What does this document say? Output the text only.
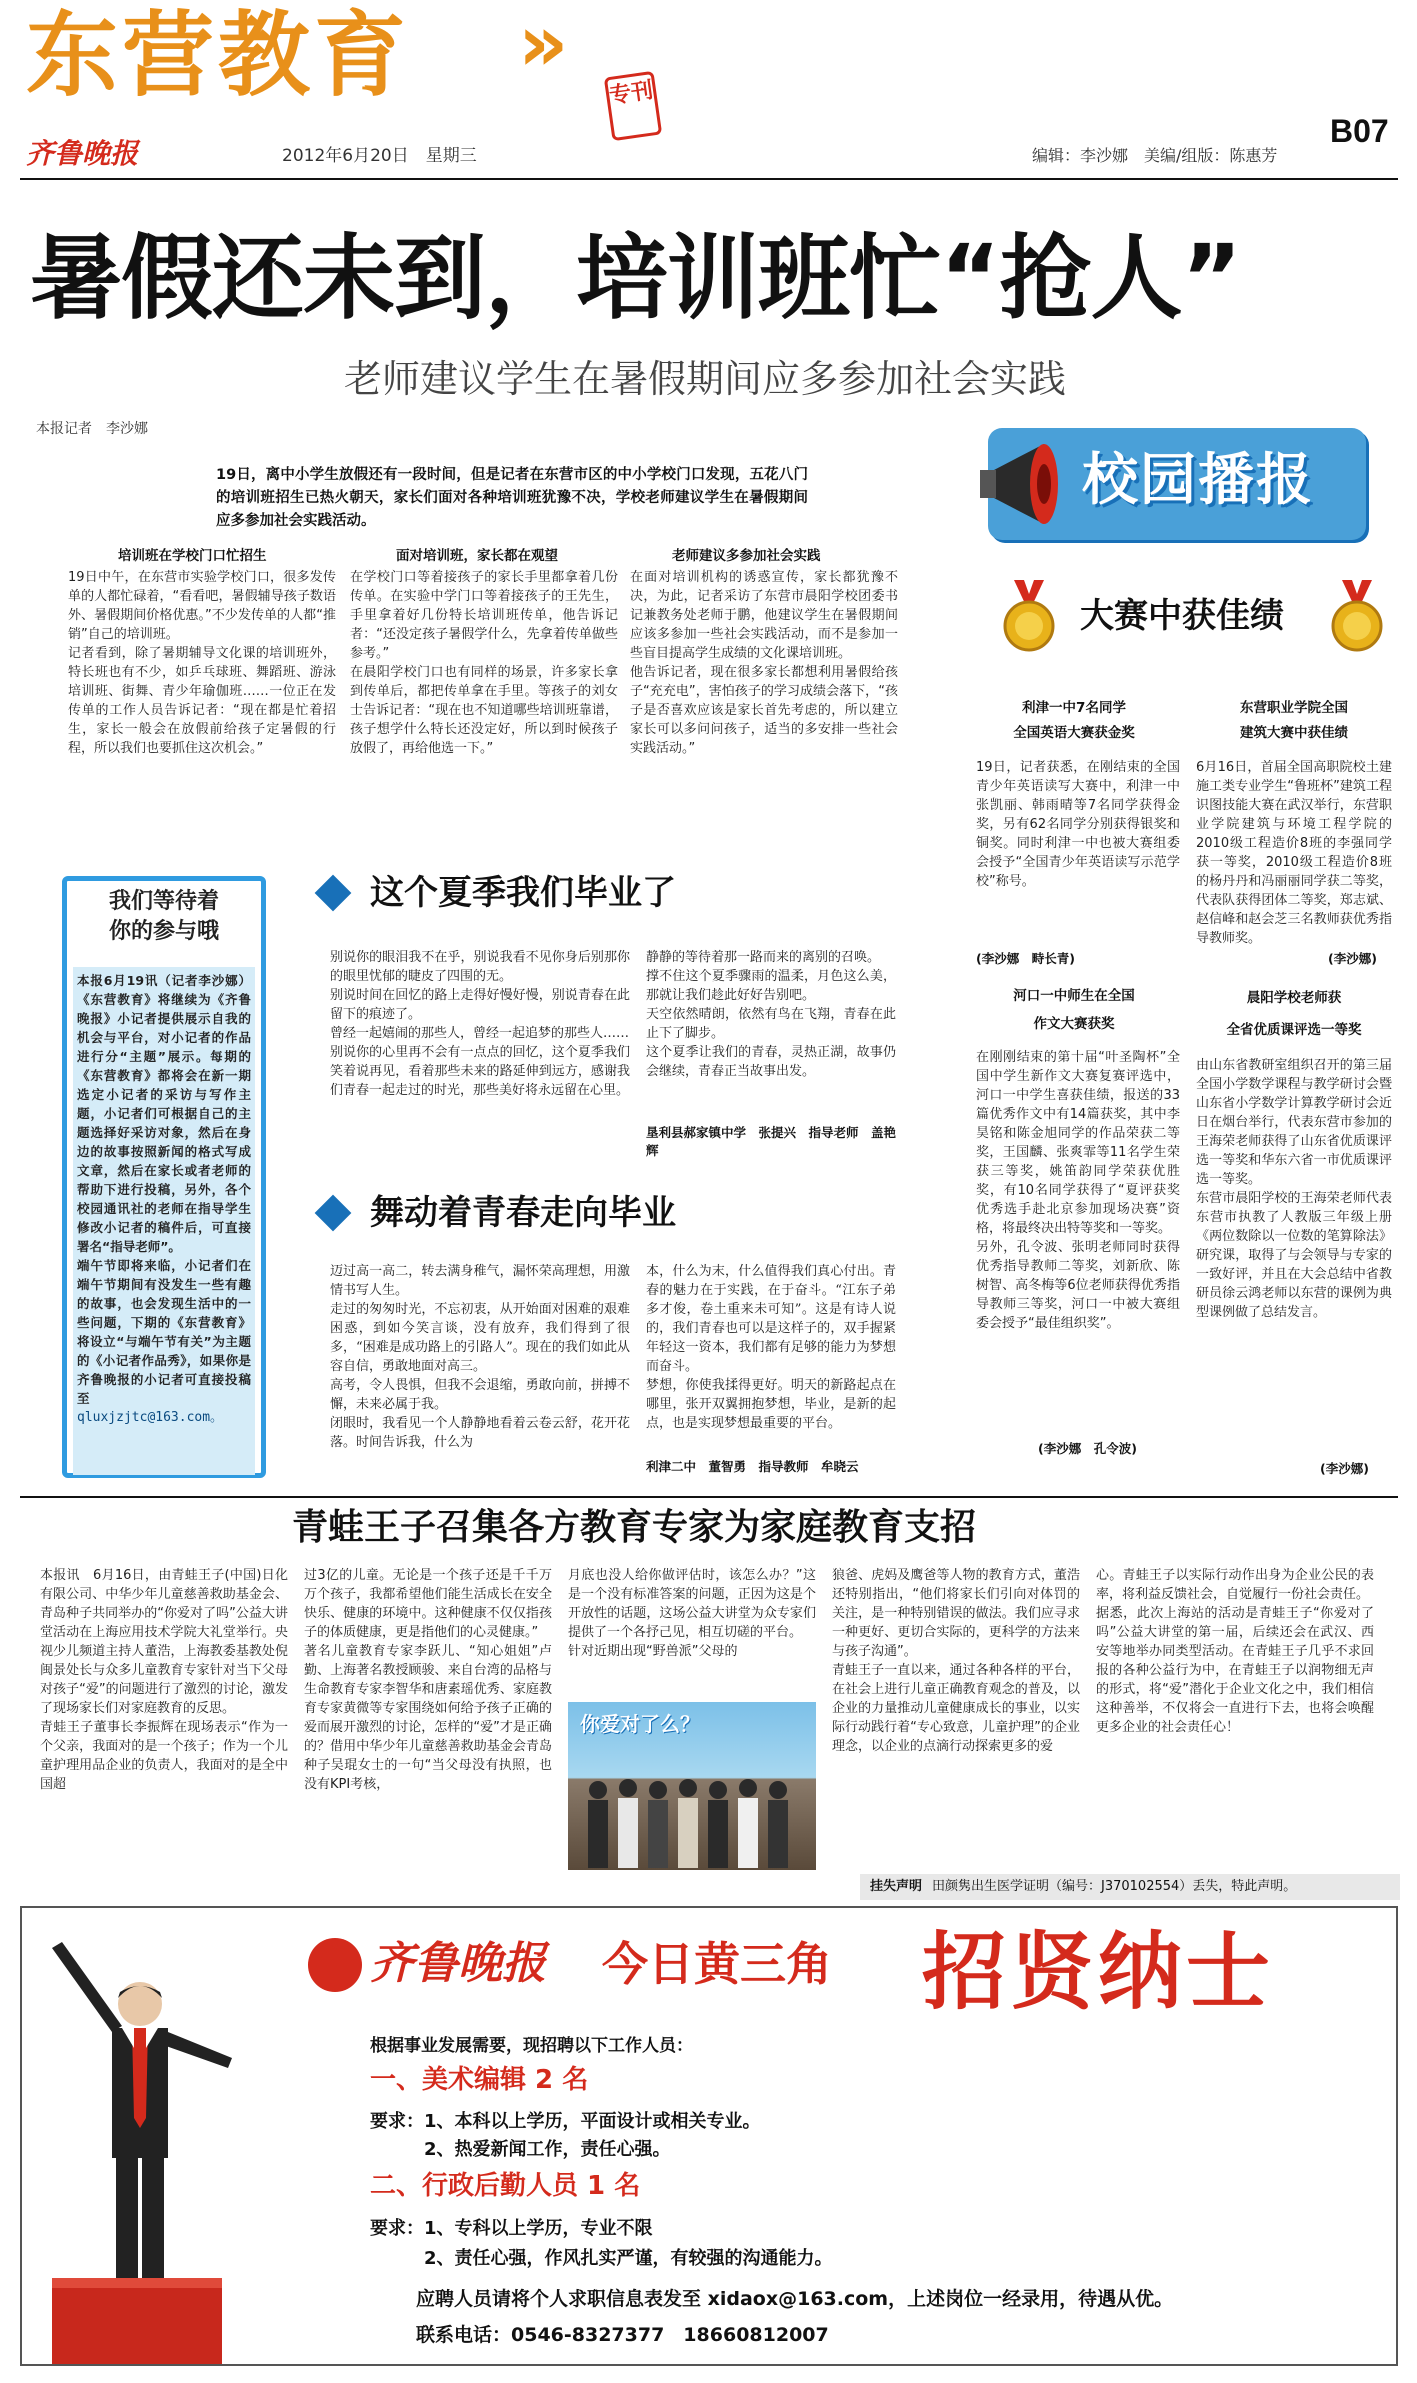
东营教育 »
专刊
齐鲁晚报	2012年6月20日　 星期三	编辑：李沙娜　美编/组版：陈惠芳
B07
暑假还未到，培训班忙“抢人”
老师建议学生在暑假期间应多参加社会实践
本报记者　李沙娜
19日，离中小学生放假还有一段时间，但是记者在东营市区的中小学校门口发现，五花八门的培训班招生已热火朝天，家长们面对各种培训班犹豫不决，学校老师建议学生在暑假期间应多参加社会实践活动。
培训班在学校门口忙招生
19日中午，在东营市实验学校门口，很多发传单的人都忙碌着，“看看吧，暑假辅导孩子数语外、暑假期间价格优惠。”不少发传单的人都“推销”自己的培训班。
记者看到，除了暑期辅导文化课的培训班外，特长班也有不少，如乒乓球班、舞蹈班、游泳培训班、街舞、青少年瑜伽班……一位正在发传单的工作人员告诉记者：“现在都是忙着招生，家长一般会在放假前给孩子定暑假的行程，所以我们也要抓住这次机会。”
面对培训班，家长都在观望
在学校门口等着接孩子的家长手里都拿着几份传单。在实验中学门口等着接孩子的王先生，手里拿着好几份特长培训班传单，他告诉记者：“还没定孩子暑假学什么，先拿着传单做些参考。”
在晨阳学校门口也有同样的场景，许多家长拿到传单后，都把传单拿在手里。等孩子的刘女士告诉记者：“现在也不知道哪些培训班靠谱，孩子想学什么特长还没定好，所以到时候孩子放假了，再给他选一下。”
老师建议多参加社会实践
在面对培训机构的诱惑宣传，家长都犹豫不决，为此，记者采访了东营市晨阳学校团委书记兼教务处老师于鹏，他建议学生在暑假期间应该多参加一些社会实践活动，而不是参加一些盲目提高学生成绩的文化课培训班。
他告诉记者，现在很多家长都想利用暑假给孩子“充充电”，害怕孩子的学习成绩会落下，“孩子是否喜欢应该是家长首先考虑的，所以建立家长可以多问问孩子，适当的多安排一些社会实践活动。”
校园播报
大赛中获佳绩
利津一中7名同学
全国英语大赛获金奖
19日，记者获悉，在刚结束的全国青少年英语读写大赛中，利津一中张凯丽、韩雨晴等7名同学获得金奖，另有62名同学分别获得银奖和铜奖。同时利津一中也被大赛组委会授予“全国青少年英语读写示范学校”称号。
(李沙娜　畤长青)
河口一中师生在全国
作文大赛获奖
在刚刚结束的第十届“叶圣陶杯”全国中学生新作文大赛复赛评选中，河口一中学生喜获佳绩，报送的33篇优秀作文中有14篇获奖，其中李昊铭和陈金旭同学的作品荣获二等奖，王国麟、张爽霏等11名学生荣获三等奖，姚笛韵同学荣获优胜奖，有10名同学获得了“夏评获奖优秀选手赴北京参加现场决赛”资格，将最终决出特等奖和一等奖。
另外，孔令波、张明老师同时获得优秀指导教师二等奖，刘新欣、陈树智、高冬梅等6位老师获得优秀指导教师三等奖，河口一中被大赛组委会授予“最佳组织奖”。
(李沙娜　孔令波)
东营职业学院全国
建筑大赛中获佳绩
6月16日，首届全国高职院校土建施工类专业学生“鲁班杯”建筑工程识图技能大赛在武汉举行，东营职业学院建筑与环境工程学院的2010级工程造价8班的李强同学获一等奖，2010级工程造价8班的杨丹丹和冯丽丽同学获二等奖，代表队获得团体二等奖，郑志斌、赵信峰和赵会芝三名教师获优秀指导教师奖。
(李沙娜)
晨阳学校老师获
全省优质课评选一等奖
由山东省教研室组织召开的第三届全国小学数学课程与教学研讨会暨山东省小学数学计算教学研讨会近日在烟台举行，代表东营市参加的王海荣老师获得了山东省优质课评选一等奖和华东六省一市优质课评选一等奖。
东营市晨阳学校的王海荣老师代表东营市执教了人教版三年级上册《两位数除以一位数的笔算除法》研究课，取得了与会领导与专家的一致好评，并且在大会总结中省教研员徐云鸿老师以东营的课例为典型课例做了总结发言。
(李沙娜)
我们等待着
你的参与哦
本报6月19讯（记者李沙娜）《东营教育》将继续为《齐鲁晚报》小记者提供展示自我的机会与平台，对小记者的作品进行分“主题”展示。每期的《东营教育》都将会在新一期选定小记者的采访与写作主题，小记者们可根据自己的主题选择好采访对象，然后在身边的故事按照新闻的格式写成文章，然后在家长或者老师的帮助下进行投稿，另外，各个校园通讯社的老师在指导学生修改小记者的稿件后，可直接署名“指导老师”。
端午节即将来临，小记者们在端午节期间有没发生一些有趣的故事，也会发现生活中的一些问题，下期的《东营教育》将设立“与端午节有关”为主题的《小记者作品秀》，如果你是齐鲁晚报的小记者可直接投稿至
qluxjzjtc@163.com。
这个夏季我们毕业了
别说你的眼泪我不在乎，别说我看不见你身后别那你的眼里忧郁的睫皮了四围的无。
别说时间在回忆的路上走得好慢好慢，别说青春在此留下的痕迹了。
曾经一起嬉闹的那些人，曾经一起追梦的那些人……
别说你的心里再不会有一点点的回忆，这个夏季我们笑着说再见，看着那些未来的路延伸到远方，感谢我们青春一起走过的时光，那些美好将永远留在心里。
静静的等待着那一路而来的离别的召唤。
撑不住这个夏季骤雨的温柔，月色这么美，那就让我们趁此好好告别吧。
天空依然晴朗，依然有鸟在飞翔，青春在此止下了脚步。
这个夏季让我们的青春，灵热正湖，故事仍会继续，青春正当故事出发。
垦利县郝家镇中学　张提兴　指导老师　盖艳辉
舞动着青春走向毕业
迈过高一高二，转去满身稚气，漏怀荣高理想，用激情书写人生。
走过的匆匆时光，不忘初衷，从开始面对困难的艰难困惑，到如今笑言谈，没有放弃，我们得到了很多，“困难是成功路上的引路人”。现在的我们如此从容自信，勇敢地面对高三。
高考，令人畏惧，但我不会退缩，勇敢向前，拼搏不懈，未来必属于我。
闭眼时，我看见一个人静静地看着云卷云舒，花开花落。时间告诉我，什么为
本，什么为末，什么值得我们真心付出。青春的魅力在于实践，在于奋斗。“江东子弟多才俊，卷土重来未可知”。这是有诗人说的，我们青春也可以是这样子的，双手握紧年轻这一资本，我们都有足够的能力为梦想而奋斗。
梦想，你使我揉得更好。明天的新路起点在哪里，张开双翼拥抱梦想，毕业，是新的起点，也是实现梦想最重要的平台。
利津二中　董智勇　指导教师　牟晓云
青蛙王子召集各方教育专家为家庭教育支招
本报讯　6月16日，由青蛙王子(中国)日化有限公司、中华少年儿童慈善救助基金会、青岛种子共同举办的“你爱对了吗”公益大讲堂活动在上海应用技术学院大礼堂举行。央视少儿频道主持人董浩，上海教委基教处倪闽景处长与众多儿童教育专家针对当下父母对孩子“爱”的问题进行了激烈的讨论，激发了现场家长们对家庭教育的反思。
青蛙王子董事长李振辉在现场表示“作为一个父亲，我面对的是一个孩子；作为一个儿童护理用品企业的负责人，我面对的是全中国超
过3亿的儿童。无论是一个孩子还是千千万万个孩子，我都希望他们能生活成长在安全快乐、健康的环境中。这种健康不仅仅指孩子的体质健康，更是指他们的心灵健康。”
著名儿童教育专家李跃儿、“知心姐姐”卢勤、上海著名教授顾骏、来自台湾的品格与生命教育专家李智华和唐素瑶优秀、家庭教育专家黄微等专家围绕如何给予孩子正确的爱而展开激烈的讨论，怎样的“爱”才是正确的？借用中华少年儿童慈善救助基金会青岛种子吴琨女士的一句“当父母没有执照，也没有KPI考核，
月底也没人给你做评估时，该怎么办？”这是一个没有标准答案的问题，正因为这是个开放性的话题，这场公益大讲堂为众专家们提供了一个各抒己见，相互切磋的平台。
针对近期出现“野兽派”父母的
你爱对了么？
狼爸、虎妈及鹰爸等人物的教育方式，董浩还特别指出，“他们将家长们引向对体罚的关注，是一种特别错误的做法。我们应寻求一种更好、更切合实际的，更科学的方法来与孩子沟通”。
青蛙王子一直以来，通过各种各样的平台，在社会上进行儿童正确教育观念的普及，以企业的力量推动儿童健康成长的事业，以实际行动践行着“专心致意，儿童护理”的企业理念，以企业的点滴行动探索更多的爱
心。青蛙王子以实际行动作出身为企业公民的表率，将利益反馈社会，自觉履行一份社会责任。
据悉，此次上海站的活动是青蛙王子“你爱对了吗”公益大讲堂的第一届，后续还会在武汉、西安等地举办同类型活动。在青蛙王子几乎不求回报的各种公益行为中，在青蛙王子以润物细无声的形式，将“爱”潜化于企业文化之中，我们相信这种善举，不仅将会一直进行下去，也将会唤醒更多企业的社会责任心！
挂失声明 田颜隽出生医学证明（编号：J370102554）丢失，特此声明。
齐鲁晚报 今日黄三角 招贤纳士
根据事业发展需要，现招聘以下工作人员：
一、美术编辑 2 名
要求：1、本科以上学历，平面设计或相关专业。
2、热爱新闻工作，责任心强。
二、行政后勤人员 1 名
要求：1、专科以上学历，专业不限
2、责任心强，作风扎实严谨，有较强的沟通能力。
应聘人员请将个人求职信息表发至 xidaox@163.com，上述岗位一经录用，待遇从优。
联系电话：0546-8327377　18660812007
